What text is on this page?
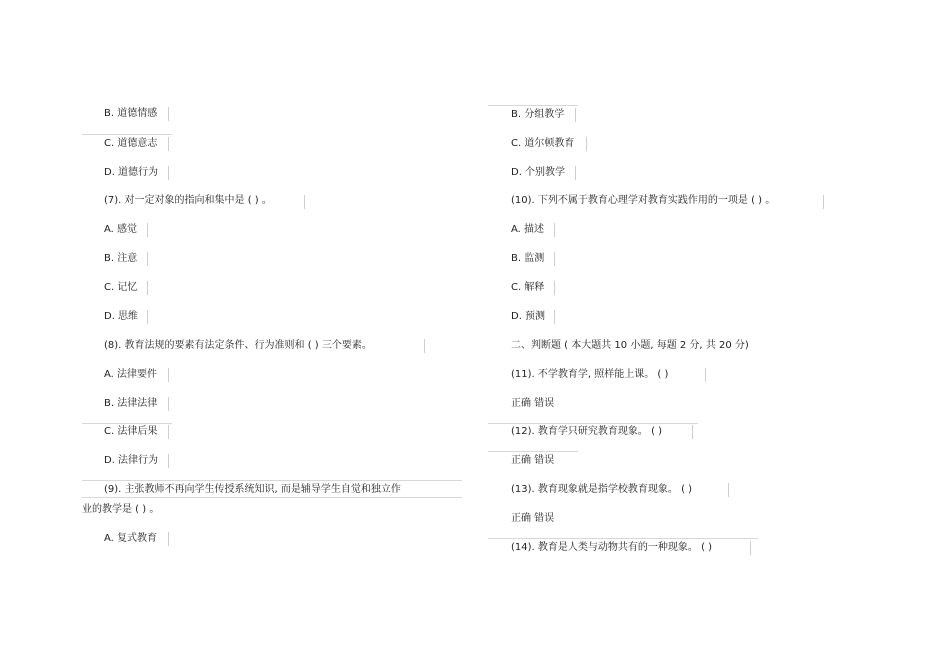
B. 道德情感
C. 道德意志
D. 道德行为
(7). 对一定对象的指向和集中是 ( ) 。
A. 感觉
B. 注意
C. 记忆
D. 思维
(8). 教育法规的要素有法定条件、行为准则和 ( ) 三个要素。
A. 法律要件
B. 法律法律
C. 法律后果
D. 法律行为
(9). 主张教师不再向学生传授系统知识, 而是辅导学生自觉和独立作
业的教学是 ( ) 。
A. 复式教育
B. 分组教学
C. 道尔顿教育
D. 个别教学
(10). 下列不属于教育心理学对教育实践作用的一项是 ( ) 。
A. 描述
B. 监测
C. 解释
D. 预测
二、判断题 ( 本大题共 10 小题, 每题 2 分, 共 20 分)
(11). 不学教育学, 照样能上课。 ( )
正确 错误
(12). 教育学只研究教育现象。 ( )
正确 错误
(13). 教育现象就是指学校教育现象。 ( )
正确 错误
(14). 教育是人类与动物共有的一种现象。 ( )
